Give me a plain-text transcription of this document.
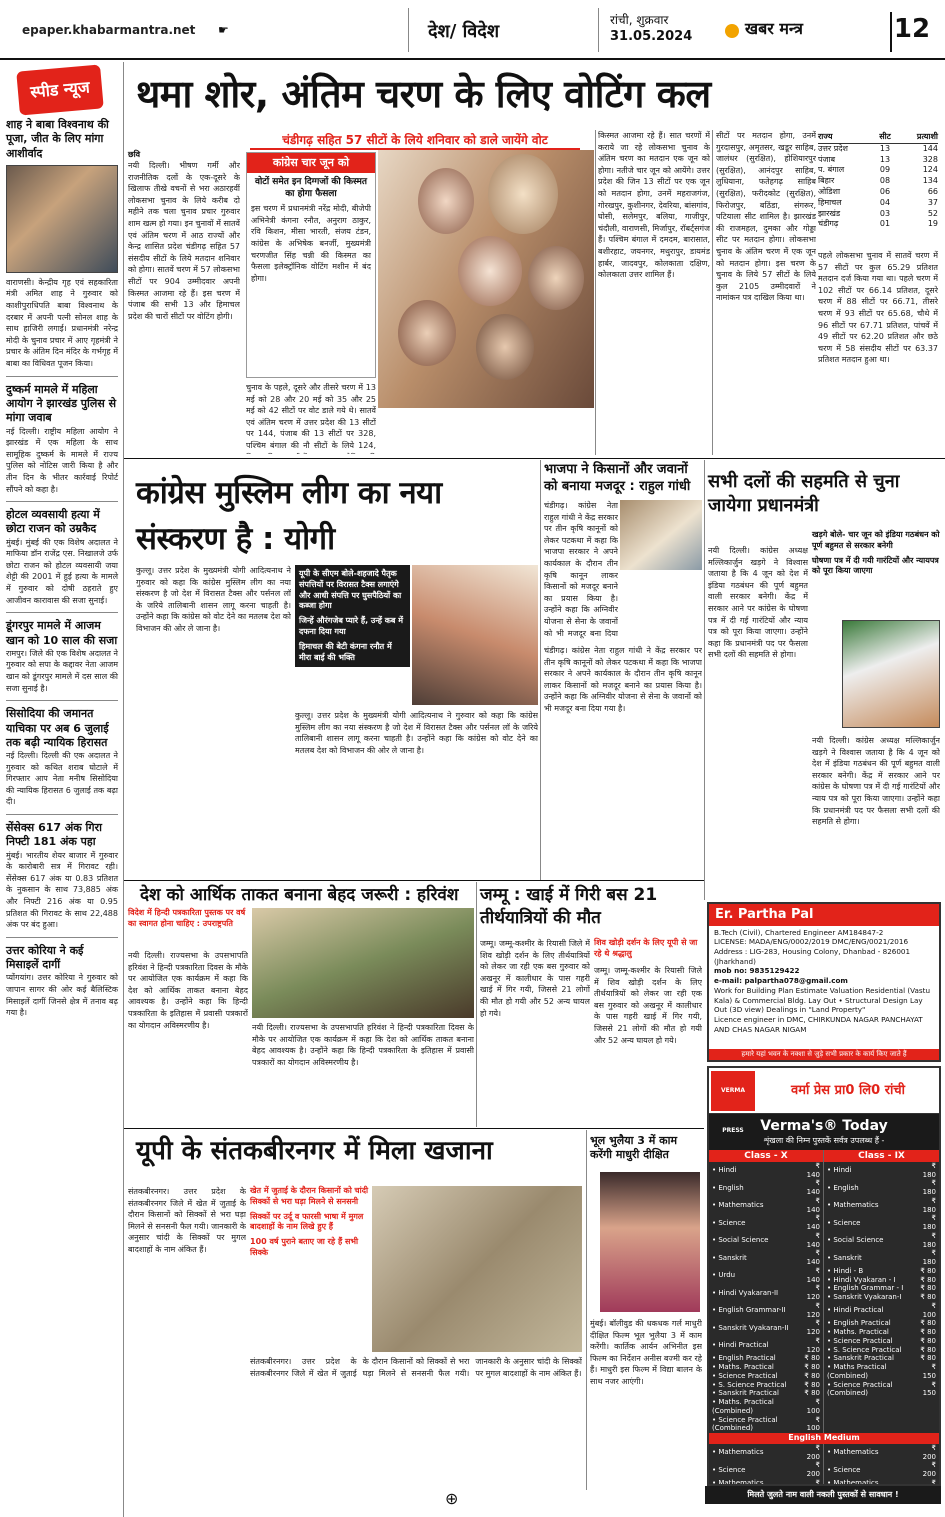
epaper.khabarmantra.net ☛	देश/ विदेश
रांची, शुक्रवार
31.05.2024	खबर मन्त्र	12
स्पीड न्यूज
शाह ने बाबा विश्वनाथ की पूजा, जीत के लिए मांगा आशीर्वाद
वाराणसी। केन्द्रीय गृह एवं सहकारिता मंत्री अमित शाह ने गुरुवार को काशीपुराधिपति बाबा विश्वनाथ के दरबार में अपनी पत्नी सोनल शाह के साथ हाजिरी लगाई। प्रधानमंत्री नरेन्द्र मोदी के चुनाव प्रचार में आए गृहमंत्री ने प्रचार के अंतिम दिन मंदिर के गर्भगृह में बाबा का विधिवत पूजन किया।
दुष्कर्म मामले में महिला आयोग ने झारखंड पुलिस से मांगा जवाब
नई दिल्ली। राष्ट्रीय महिला आयोग ने झारखंड में एक महिला के साथ सामूहिक दुष्कर्म के मामले में राज्य पुलिस को नोटिस जारी किया है और तीन दिन के भीतर कार्रवाई रिपोर्ट सौंपने को कहा है।
होटल व्यवसायी हत्या में छोटा राजन को उम्रकैद
मुंबई। मुंबई की एक विशेष अदालत ने माफिया डॉन राजेंद्र एस. निखालजे उर्फ छोटा राजन को होटल व्यवसायी जया शेट्टी की 2001 में हुई हत्या के मामले में गुरुवार को दोषी ठहराते हुए आजीवन कारावास की सजा सुनाई।
डूंगरपुर मामले में आजम खान को 10 साल की सजा
रामपुर। जिले की एक विशेष अदालत ने गुरुवार को सपा के कद्दावर नेता आजम खान को डूंगरपुर मामले में दस साल की सजा सुनाई है।
सिसोदिया की जमानत याचिका पर अब 6 जुलाई तक बढ़ी न्यायिक हिरासत
नई दिल्ली। दिल्ली की एक अदालत ने गुरुवार को कथित शराब घोटाले में गिरफ्तार आप नेता मनीष सिसोदिया की न्यायिक हिरासत 6 जुलाई तक बढ़ा दी।
सेंसेक्स 617 अंक गिरा निफ्टी 181 अंक पहा
मुंबई। भारतीय शेयर बाजार में गुरुवार के कारोबारी सत्र में गिरावट रही। सेंसेक्स 617 अंक या 0.83 प्रतिशत के नुकसान के साथ 73,885 अंक और निफ्टी 216 अंक या 0.95 प्रतिशत की गिरावट के साथ 22,488 अंक पर बंद हुआ।
उत्तर कोरिया ने कई मिसाइलें दागीं
प्योंगयांग। उत्तर कोरिया ने गुरुवार को जापान सागर की ओर कई बैलिस्टिक मिसाइलें दागीं जिनसे क्षेत्र में तनाव बढ़ गया है।
थमा शोर, अंतिम चरण के लिए वोटिंग कल
चंडीगढ़ सहित 57 सीटों के लिये शनिवार को डाले जायेंगे वोट
छवि
नयी दिल्ली। भीषण गर्मी और राजनीतिक दलों के एक-दूसरे के खिलाफ तीखे वचनों से भरा अठारहवीं लोकसभा चुनाव के लिये करीब दो महीने तक चला चुनाव प्रचार गुरुवार शाम खत्म हो गया। इन चुनावों में सातवें एवं अंतिम चरण में आठ राज्यों और केन्द्र शासित प्रदेश चंडीगढ़ सहित 57 संसदीय सीटों के लिये मतदान शनिवार को होगा। सातवें चरण में 57 लोकसभा सीटों पर 904 उम्मीदवार अपनी किस्मत आजमा रहे हैं। इस चरण में पंजाब की सभी 13 और हिमाचल प्रदेश की चारों सीटों पर वोटिंग होगी।
कांग्रेस चार जून को
वोटों समेत इन दिग्गजों की किस्मत का होगा फैसला
इस चरण में प्रधानमंत्री नरेंद्र मोदी, बीजेपी अभिनेत्री कंगना रनौत, अनुराग ठाकुर, रवि किशन, मीसा भारती, संजय टंडन, कांग्रेस के अभिषेक बनर्जी, मुख्यमंत्री चरणजीत सिंह चन्नी की किस्मत का फैसला इलेक्ट्रॉनिक वोटिंग मशीन में बंद होगा।
चुनाव के पहले, दूसरे और तीसरे चरण में 13 मई को 28 और 20 मई को 35 और 25 मई को 42 सीटों पर वोट डाले गये थे। सातवें एवं अंतिम चरण में उत्तर प्रदेश की 13 सीटों पर 144, पंजाब की 13 सीटों पर 328, पश्चिम बंगाल की नौ सीटों के लिये 124,
किस्मत आजमा रहे हैं। सात चरणों में कराये जा रहे लोकसभा चुनाव के अंतिम चरण का मतदान एक जून को होगा। नतीजे चार जून को आयेंगे। उत्तर प्रदेश की जिन 13 सीटों पर एक जून को मतदान होगा, उनमें महराजगंज, गोरखपुर, कुशीनगर, देवरिया, बांसगांव, घोसी, सलेमपुर, बलिया, गाजीपुर, चंदौली, वाराणसी, मिर्जापुर, रॉबर्ट्सगंज हैं। पश्चिम बंगाल में दमदम, बारासात, बशीरहाट, जयनगर, मथुरापुर, डायमंड हार्बर, जादवपुर, कोलकाता दक्षिण, कोलकाता उत्तर शामिल हैं।
सीटों पर मतदान होगा, उनमें गुरदासपुर, अमृतसर, खडूर साहिब, जालंधर (सुरक्षित), होशियारपुर (सुरक्षित), आनंदपुर साहिब, लुधियाना, फतेहगढ़ साहिब (सुरक्षित), फरीदकोट (सुरक्षित), फिरोजपुर, बठिंडा, संगरूर, पटियाला सीट शामिल है। झारखंड की राजमहल, दुमका और गोड्डा सीट पर मतदान होगा। लोकसभा चुनाव के अंतिम चरण में एक जून को मतदान होगा। इस चरण के चुनाव के लिये 57 सीटों के लिये कुल 2105 उम्मीदवारों ने नामांकन पत्र दाखिल किया था।
राज्य	सीट	प्रत्याशी
उत्तर प्रदेश	13	144
पंजाब	13	328
प. बंगाल	09	124
बिहार	08	134
ओडिशा	06	66
हिमाचल	04	37
झारखंड	03	52
चंडीगढ़	01	19
पहले लोकसभा चुनाव में सातवें चरण में 57 सीटों पर कुल 65.29 प्रतिशत मतदान दर्ज किया गया था। पहले चरण में 102 सीटों पर 66.14 प्रतिशत, दूसरे चरण में 88 सीटों पर 66.71, तीसरे चरण में 93 सीटों पर 65.68, चौथे में 96 सीटों पर 67.71 प्रतिशत, पांचवें में 49 सीटों पर 62.20 प्रतिशत और छठे चरण में 58 संसदीय सीटों पर 63.37 प्रतिशत मतदान हुआ था।
कांग्रेस मुस्लिम लीग का नया संस्करण है : योगी
यूपी के सीएम बोले-शहजादे पैतृक संपत्तियों पर विरासत टैक्स लगाएंगे और आधी संपत्ति पर घुसपैठियों का कब्जा होगा
जिन्हें औरंगजेब प्यारे हैं, उन्हें कब में दफना दिया गया
हिमाचल की बेटी कंगना रनौत में मीरा बाई की भक्ति
कुल्लू। उत्तर प्रदेश के मुख्यमंत्री योगी आदित्यनाथ ने गुरुवार को कहा कि कांग्रेस मुस्लिम लीग का नया संस्करण है जो देश में विरासत टैक्स और पर्सनल लॉ के जरिये तालिबानी शासन लागू करना चाहती है। उन्होंने कहा कि कांग्रेस को वोट देने का मतलब देश को विभाजन की ओर ले जाना है।
कुल्लू। उत्तर प्रदेश के मुख्यमंत्री योगी आदित्यनाथ ने गुरुवार को कहा कि कांग्रेस मुस्लिम लीग का नया संस्करण है जो देश में विरासत टैक्स और पर्सनल लॉ के जरिये तालिबानी शासन लागू करना चाहती है। उन्होंने कहा कि कांग्रेस को वोट देने का मतलब देश को विभाजन की ओर ले जाना है।
भाजपा ने किसानों और जवानों को बनाया मजदूर : राहुल गांधी
चंडीगढ़। कांग्रेस नेता राहुल गांधी ने केंद्र सरकार पर तीन कृषि कानूनों को लेकर पटकथा में कहा कि भाजपा सरकार ने अपने कार्यकाल के दौरान तीन कृषि कानून लाकर किसानों को मजदूर बनाने का प्रयास किया है। उन्होंने कहा कि अग्निवीर योजना से सेना के जवानों को भी मजदूर बना दिया
चंडीगढ़। कांग्रेस नेता राहुल गांधी ने केंद्र सरकार पर तीन कृषि कानूनों को लेकर पटकथा में कहा कि भाजपा सरकार ने अपने कार्यकाल के दौरान तीन कृषि कानून लाकर किसानों को मजदूर बनाने का प्रयास किया है। उन्होंने कहा कि अग्निवीर योजना से सेना के जवानों को भी मजदूर बना दिया गया है।
सभी दलों की सहमति से चुना जायेगा प्रधानमंत्री
खड़गे बोले- चार जून को इंडिया गठबंधन को पूर्ण बहुमत से सरकार बनेगी
घोषणा पत्र में दी गयी गारंटियों और न्यायपत्र को पूरा किया जाएगा
नयी दिल्ली। कांग्रेस अध्यक्ष मल्लिकार्जुन खड़गे ने विश्वास जताया है कि 4 जून को देश में इंडिया गठबंधन की पूर्ण बहुमत वाली सरकार बनेगी। केंद्र में सरकार आने पर कांग्रेस के घोषणा पत्र में दी गई गारंटियों और न्याय पत्र को पूरा किया जाएगा। उन्होंने कहा कि प्रधानमंत्री पद पर फैसला सभी दलों की सहमति से होगा।
नयी दिल्ली। कांग्रेस अध्यक्ष मल्लिकार्जुन खड़गे ने विश्वास जताया है कि 4 जून को देश में इंडिया गठबंधन की पूर्ण बहुमत वाली सरकार बनेगी। केंद्र में सरकार आने पर कांग्रेस के घोषणा पत्र में दी गई गारंटियों और न्याय पत्र को पूरा किया जाएगा। उन्होंने कहा कि प्रधानमंत्री पद पर फैसला सभी दलों की सहमति से होगा।
देश को आर्थिक ताकत बनाना बेहद जरूरी : हरिवंश
विदेश में हिन्दी पत्रकारिता पुस्तक पर वर्ष का स्वागत होना चाहिए : उपराष्ट्रपति
नयी दिल्ली। राज्यसभा के उपसभापति हरिवंश ने हिन्दी पत्रकारिता दिवस के मौके पर आयोजित एक कार्यक्रम में कहा कि देश को आर्थिक ताकत बनाना बेहद आवश्यक है। उन्होंने कहा कि हिन्दी पत्रकारिता के इतिहास में प्रवासी पत्रकारों का योगदान अविस्मरणीय है।	नयी दिल्ली। राज्यसभा के उपसभापति हरिवंश ने हिन्दी पत्रकारिता दिवस के मौके पर आयोजित एक कार्यक्रम में कहा कि देश को आर्थिक ताकत बनाना बेहद आवश्यक है। उन्होंने कहा कि हिन्दी पत्रकारिता के इतिहास में प्रवासी पत्रकारों का योगदान अविस्मरणीय है।
जम्मू : खाई में गिरी बस 21 तीर्थयात्रियों की मौत
जम्मू। जम्मू-कश्मीर के रियासी जिले में शिव खोड़ी दर्शन के लिए तीर्थयात्रियों को लेकर जा रही एक बस गुरुवार को अखनूर में कालीधार के पास गहरी खाई में गिर गयी, जिससे 21 लोगों की मौत हो गयी और 52 अन्य घायल हो गये।
शिव खोड़ी दर्शन के लिए यूपी से जा रहे थे श्रद्धालु
जम्मू। जम्मू-कश्मीर के रियासी जिले में शिव खोड़ी दर्शन के लिए तीर्थयात्रियों को लेकर जा रही एक बस गुरुवार को अखनूर में कालीधार के पास गहरी खाई में गिर गयी, जिससे 21 लोगों की मौत हो गयी और 52 अन्य घायल हो गये।
Er. Partha Pal
B.Tech (Civil), Chartered Engineer AM184847-2
LICENSE: MADA/ENG/0002/2019 DMC/ENG/0021/2016
Address : LIG-283, Housing Colony, Dhanbad - 826001 (Jharkhand)
mob no: 9835129422
e-mail: palpartha078@gmail.com
Work for Building Plan Estimate Valuation Residential (Vastu Kala) & Commercial Bldg. Lay Out • Structural Design Lay Out (3D view) Dealings in "Land Property"
Licence engineer in DMC, CHIRKUNDA NAGAR PANCHAYAT AND CHAS NAGAR NIGAM
हमारे यहां भवन के नक्शा से जुड़े सभी प्रकार के कार्य किए जाते हैं
यूपी के संतकबीरनगर में मिला खजाना
खेत में जुताई के दौरान किसानों को चांदी सिक्कों से भरा घड़ा मिलने से सनसनी
सिक्कों पर उर्दू व फारसी भाषा में मुगल बादशाहों के नाम लिखे हुए हैं
100 वर्ष पुराने बताए जा रहे हैं सभी सिक्के
संतकबीरनगर। उत्तर प्रदेश के संतकबीरनगर जिले में खेत में जुताई के दौरान किसानों को सिक्कों से भरा घड़ा मिलने से सनसनी फैल गयी। जानकारी के अनुसार चांदी के सिक्कों पर मुगल बादशाहों के नाम अंकित हैं।
संतकबीरनगर। उत्तर प्रदेश के संतकबीरनगर जिले में खेत में जुताई के दौरान किसानों को सिक्कों से भरा घड़ा मिलने से सनसनी फैल गयी। जानकारी के अनुसार चांदी के सिक्कों पर मुगल बादशाहों के नाम अंकित हैं।
भूल भुलैया 3 में काम करेंगी माधुरी दीक्षित
मुंबई। बॉलीवुड की धकधक गर्ल माधुरी दीक्षित फिल्म भूल भुलैया 3 में काम करेंगी। कार्तिक आर्यन अभिनीत इस फिल्म का निर्देशन अनीस बज्मी कर रहे हैं। माधुरी इस फिल्म में विद्या बालन के साथ नजर आएंगी।
VERMA PRESS
वर्मा प्रेस प्रा0 लि0 रांची
Verma's® Today
शृंखला की निम्न पुस्तकें सर्वत्र उपलब्ध हैं -
Class - X
• Hindi	₹ 140
• English	₹ 140
• Mathematics	₹ 140
• Science	₹ 140
• Social Science	₹ 140
• Sanskrit	₹ 140
• Urdu	₹ 140
• Hindi Vyakaran-II	₹ 120
• English Grammar-II	₹ 120
• Sanskrit Vyakaran-II	₹ 120
• Hindi Practical	₹ 120
• English Practical	₹ 80
• Maths. Practical	₹ 80
• Science Practical	₹ 80
• S. Science Practical	₹ 80
• Sanskrit Practical	₹ 80
• Maths. Practical (Combined)	₹ 100
• Science Practical (Combined)	₹ 100
Class - IX
• Hindi	₹ 180
• English	₹ 180
• Mathematics	₹ 180
• Science	₹ 180
• Social Science	₹ 180
• Sanskrit	₹ 180
• Hindi - B	₹ 80
• Hindi Vyakaran - I	₹ 80
• English Grammar - I	₹ 80
• Sanskrit Vyakaran-I	₹ 80
• Hindi Practical	₹ 100
• English Practical	₹ 80
• Maths. Practical	₹ 80
• Science Practical	₹ 80
• S. Science Practical	₹ 80
• Sanskrit Practical	₹ 80
• Maths Practical (Combined)	₹ 150
• Science Practical (Combined)	₹ 150
English Medium
• Mathematics	₹ 200
• Science	₹ 200
• Mathematics	₹

• Mathematics	₹ 200
• Science	₹ 200
• Mathematics	₹

मिलते जुलते नाम वाली नकली पुस्तकों से सावधान !
⊕
